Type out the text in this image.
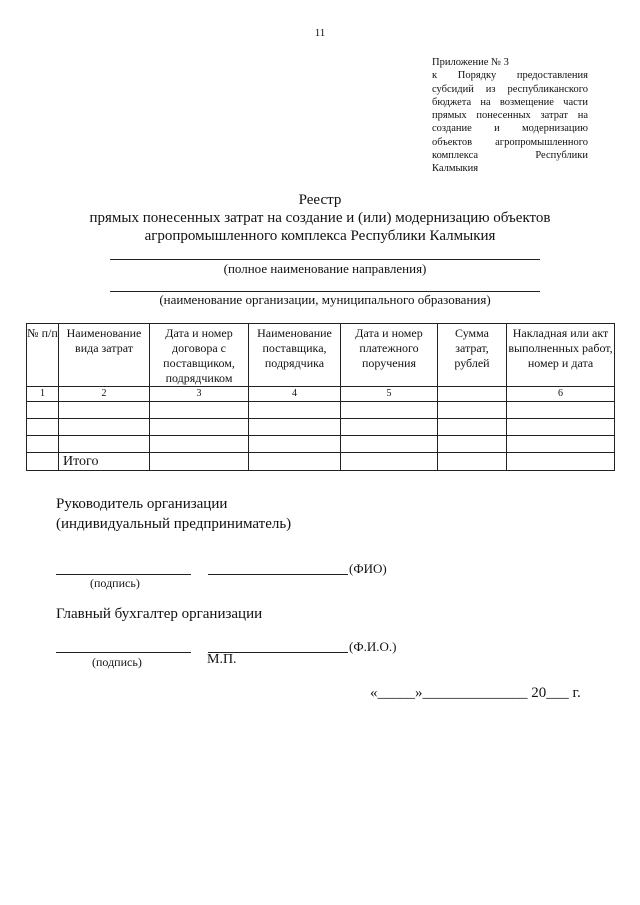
11
Приложение № 3
к Порядку предоставления
субсидий из республиканского
бюджета на возмещение части
прямых понесенных затрат на
создание и модернизацию
объектов агропромышленного
комплекса Республики
Калмыкия
Реестр
прямых понесенных затрат на создание и (или) модернизацию объектов
агропромышленного комплекса Республики Калмыкия
(полное наименование направления)
(наименование организации, муниципального образования)
№ п/п	Наименование вида затрат	Дата и номер договора с поставщиком, подрядчиком	Наименование поставщика, подрядчика	Дата и номер платежного поручения	Сумма затрат, рублей	Накладная или акт выполненных работ, номер и дата
1	2	3	4	5		6

	Итого					
Руководитель организации
(индивидуальный предприниматель)
(ФИО)
(подпись)
Главный бухгалтер организации
(Ф.И.О.)
(подпись)	М.П.
«_____»______________ 20___ г.
